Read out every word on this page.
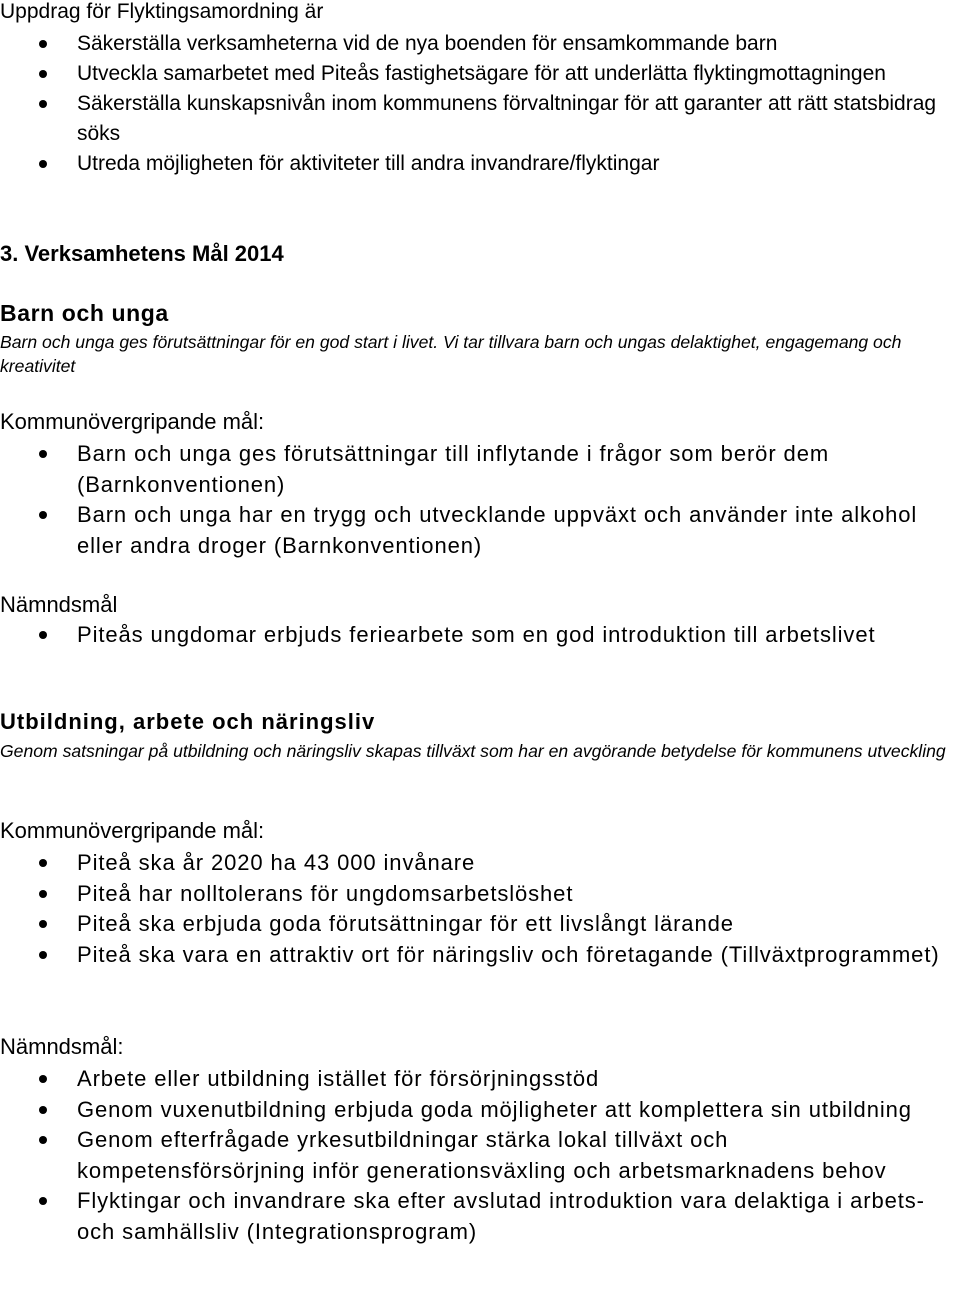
Uppdrag för Flyktingsamordning är

Säkerställa verksamheterna vid de nya boenden för ensamkommande barn
Utveckla samarbetet med Piteås fastighetsägare för att underlätta flyktingmottagningen
Säkerställa kunskapsnivån inom kommunens förvaltningar för att garanter att rätt statsbidrag söks
Utreda möjligheten för aktiviteter till andra invandrare/flyktingar
3. Verksamhetens Mål 2014
Barn och unga

Barn och unga ges förutsättningar för en god start i livet. Vi tar tillvara barn och ungas delaktighet, engagemang och kreativitet

Kommunövergripande mål:

Barn och unga ges förutsättningar till inflytande i frågor som berör dem (Barnkonventionen)
Barn och unga har en trygg och utvecklande uppväxt och använder inte alkohol eller andra droger (Barnkonventionen)

Nämndsmål

Piteås ungdomar erbjuds feriearbete som en god introduktion till arbetslivet
Utbildning, arbete och näringsliv

Genom satsningar på utbildning och näringsliv skapas tillväxt som har en avgörande betydelse för kommunens utveckling

Kommunövergripande mål:

Piteå ska år 2020 ha 43 000 invånare
Piteå har nolltolerans för ungdomsarbetslöshet
Piteå ska erbjuda goda förutsättningar för ett livslångt lärande
Piteå ska vara en attraktiv ort för näringsliv och företagande (Tillväxtprogrammet)

Nämndsmål:

Arbete eller utbildning istället för försörjningsstöd
Genom vuxenutbildning erbjuda goda möjligheter att komplettera sin utbildning
Genom efterfrågade yrkesutbildningar stärka lokal tillväxt och kompetensförsörjning inför generationsväxling och arbetsmarknadens behov
Flyktingar och invandrare ska efter avslutad introduktion vara delaktiga i arbets- och samhällsliv (Integrationsprogram)
